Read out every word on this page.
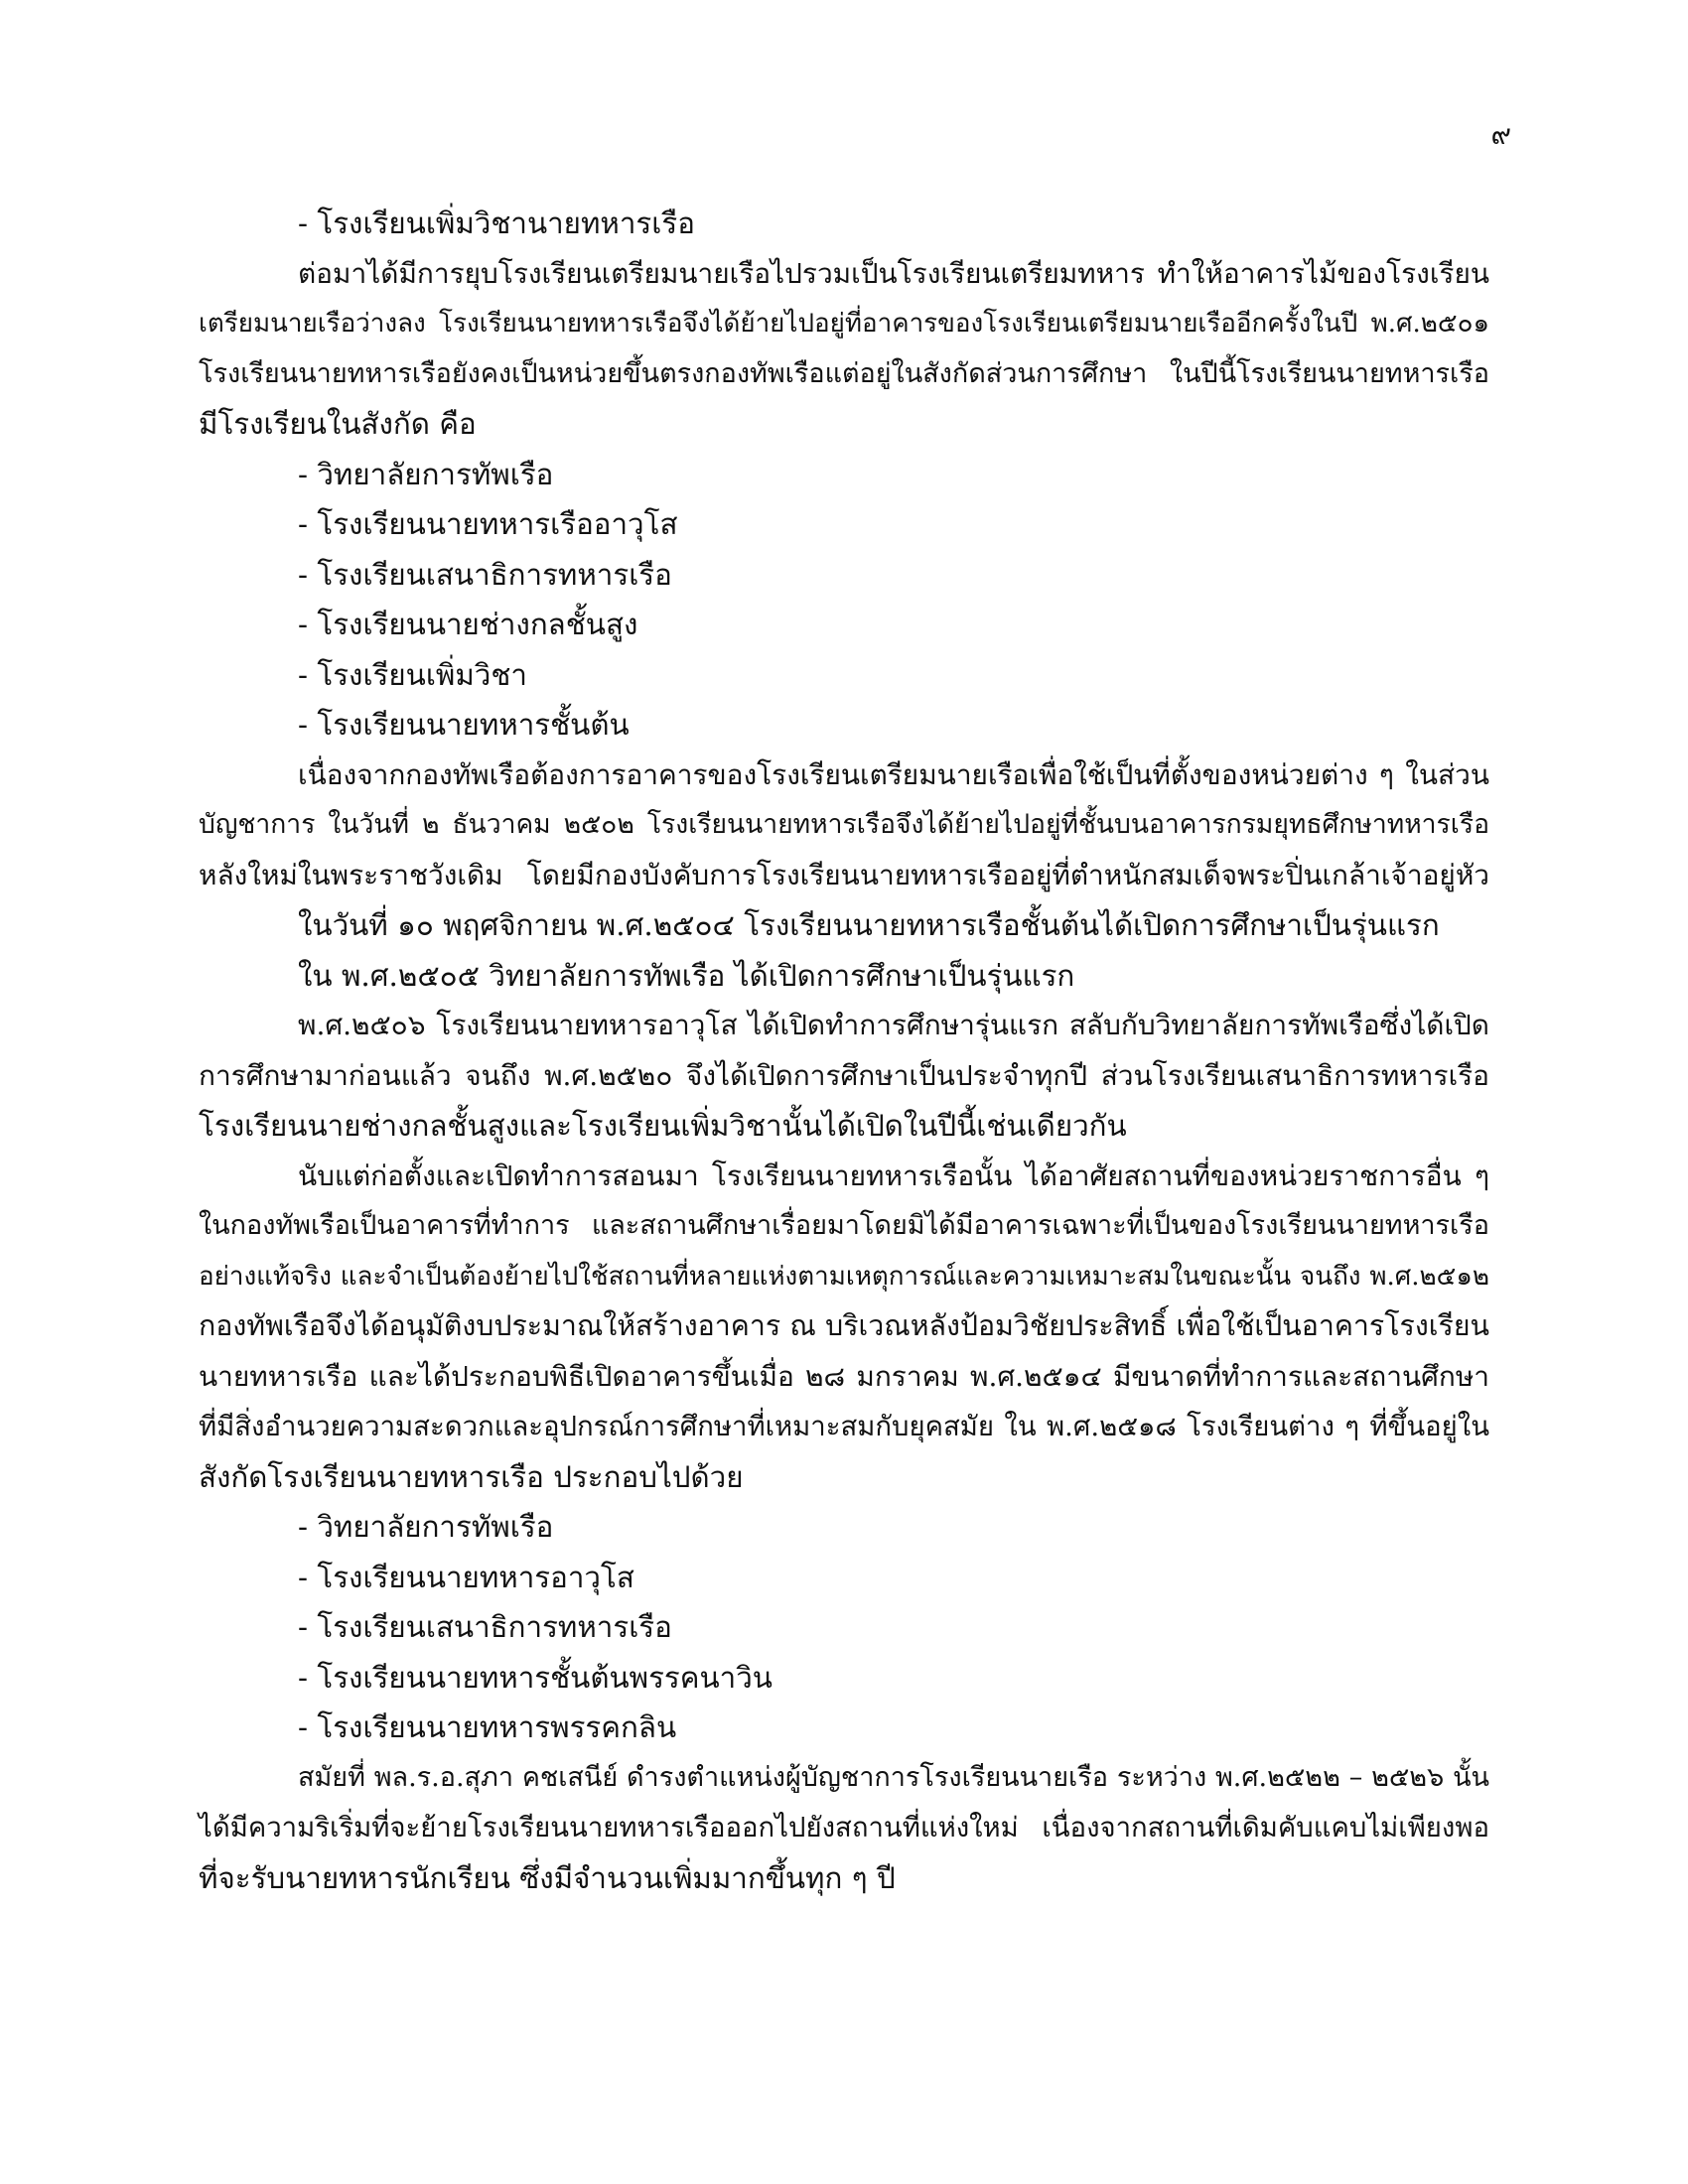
๙
- โรงเรียนเพิ่มวิชานายทหารเรือ
ต่อมาได้มีการยุบโรงเรียนเตรียมนายเรือไปรวมเป็นโรงเรียนเตรียมทหาร ทำให้อาคารไม้ของโรงเรียน
เตรียมนายเรือว่างลง โรงเรียนนายทหารเรือจึงได้ย้ายไปอยู่ที่อาคารของโรงเรียนเตรียมนายเรืออีกครั้งในปี พ.ศ.๒๕๐๑
โรงเรียนนายทหารเรือยังคงเป็นหน่วยขึ้นตรงกองทัพเรือแต่อยู่ในสังกัดส่วนการศึกษา ในปีนี้โรงเรียนนายทหารเรือ
มีโรงเรียนในสังกัด คือ
- วิทยาลัยการทัพเรือ
- โรงเรียนนายทหารเรืออาวุโส
- โรงเรียนเสนาธิการทหารเรือ
- โรงเรียนนายช่างกลชั้นสูง
- โรงเรียนเพิ่มวิชา
- โรงเรียนนายทหารชั้นต้น
เนื่องจากกองทัพเรือต้องการอาคารของโรงเรียนเตรียมนายเรือเพื่อใช้เป็นที่ตั้งของหน่วยต่าง ๆ ในส่วน
บัญชาการ ในวันที่ ๒ ธันวาคม ๒๕๐๒ โรงเรียนนายทหารเรือจึงได้ย้ายไปอยู่ที่ชั้นบนอาคารกรมยุทธศึกษาทหารเรือ
หลังใหม่ในพระราชวังเดิม โดยมีกองบังคับการโรงเรียนนายทหารเรืออยู่ที่ตำหนักสมเด็จพระปิ่นเกล้าเจ้าอยู่หัว
ในวันที่ ๑๐ พฤศจิกายน พ.ศ.๒๕๐๔ โรงเรียนนายทหารเรือชั้นต้นได้เปิดการศึกษาเป็นรุ่นแรก
ใน พ.ศ.๒๕๐๕ วิทยาลัยการทัพเรือ ได้เปิดการศึกษาเป็นรุ่นแรก
พ.ศ.๒๕๐๖ โรงเรียนนายทหารอาวุโส ได้เปิดทำการศึกษารุ่นแรก สลับกับวิทยาลัยการทัพเรือซึ่งได้เปิด
การศึกษามาก่อนแล้ว จนถึง พ.ศ.๒๕๒๐ จึงได้เปิดการศึกษาเป็นประจำทุกปี ส่วนโรงเรียนเสนาธิการทหารเรือ
โรงเรียนนายช่างกลชั้นสูงและโรงเรียนเพิ่มวิชานั้นได้เปิดในปีนี้เช่นเดียวกัน
นับแต่ก่อตั้งและเปิดทำการสอนมา โรงเรียนนายทหารเรือนั้น ได้อาศัยสถานที่ของหน่วยราชการอื่น ๆ
ในกองทัพเรือเป็นอาคารที่ทำการ และสถานศึกษาเรื่อยมาโดยมิได้มีอาคารเฉพาะที่เป็นของโรงเรียนนายทหารเรือ
อย่างแท้จริง และจำเป็นต้องย้ายไปใช้สถานที่หลายแห่งตามเหตุการณ์และความเหมาะสมในขณะนั้น จนถึง พ.ศ.๒๕๑๒
กองทัพเรือจึงได้อนุมัติงบประมาณให้สร้างอาคาร ณ บริเวณหลังป้อมวิชัยประสิทธิ์ เพื่อใช้เป็นอาคารโรงเรียน
นายทหารเรือ และได้ประกอบพิธีเปิดอาคารขึ้นเมื่อ ๒๘ มกราคม พ.ศ.๒๕๑๔ มีขนาดที่ทำการและสถานศึกษา
ที่มีสิ่งอำนวยความสะดวกและอุปกรณ์การศึกษาที่เหมาะสมกับยุคสมัย ใน พ.ศ.๒๕๑๘ โรงเรียนต่าง ๆ ที่ขึ้นอยู่ใน
สังกัดโรงเรียนนายทหารเรือ ประกอบไปด้วย
- วิทยาลัยการทัพเรือ
- โรงเรียนนายทหารอาวุโส
- โรงเรียนเสนาธิการทหารเรือ
- โรงเรียนนายทหารชั้นต้นพรรคนาวิน
- โรงเรียนนายทหารพรรคกลิน
สมัยที่ พล.ร.อ.สุภา คชเสนีย์ ดำรงตำแหน่งผู้บัญชาการโรงเรียนนายเรือ ระหว่าง พ.ศ.๒๕๒๒ – ๒๕๒๖ นั้น
ได้มีความริเริ่มที่จะย้ายโรงเรียนนายทหารเรือออกไปยังสถานที่แห่งใหม่ เนื่องจากสถานที่เดิมคับแคบไม่เพียงพอ
ที่จะรับนายทหารนักเรียน ซึ่งมีจำนวนเพิ่มมากขึ้นทุก ๆ ปี
